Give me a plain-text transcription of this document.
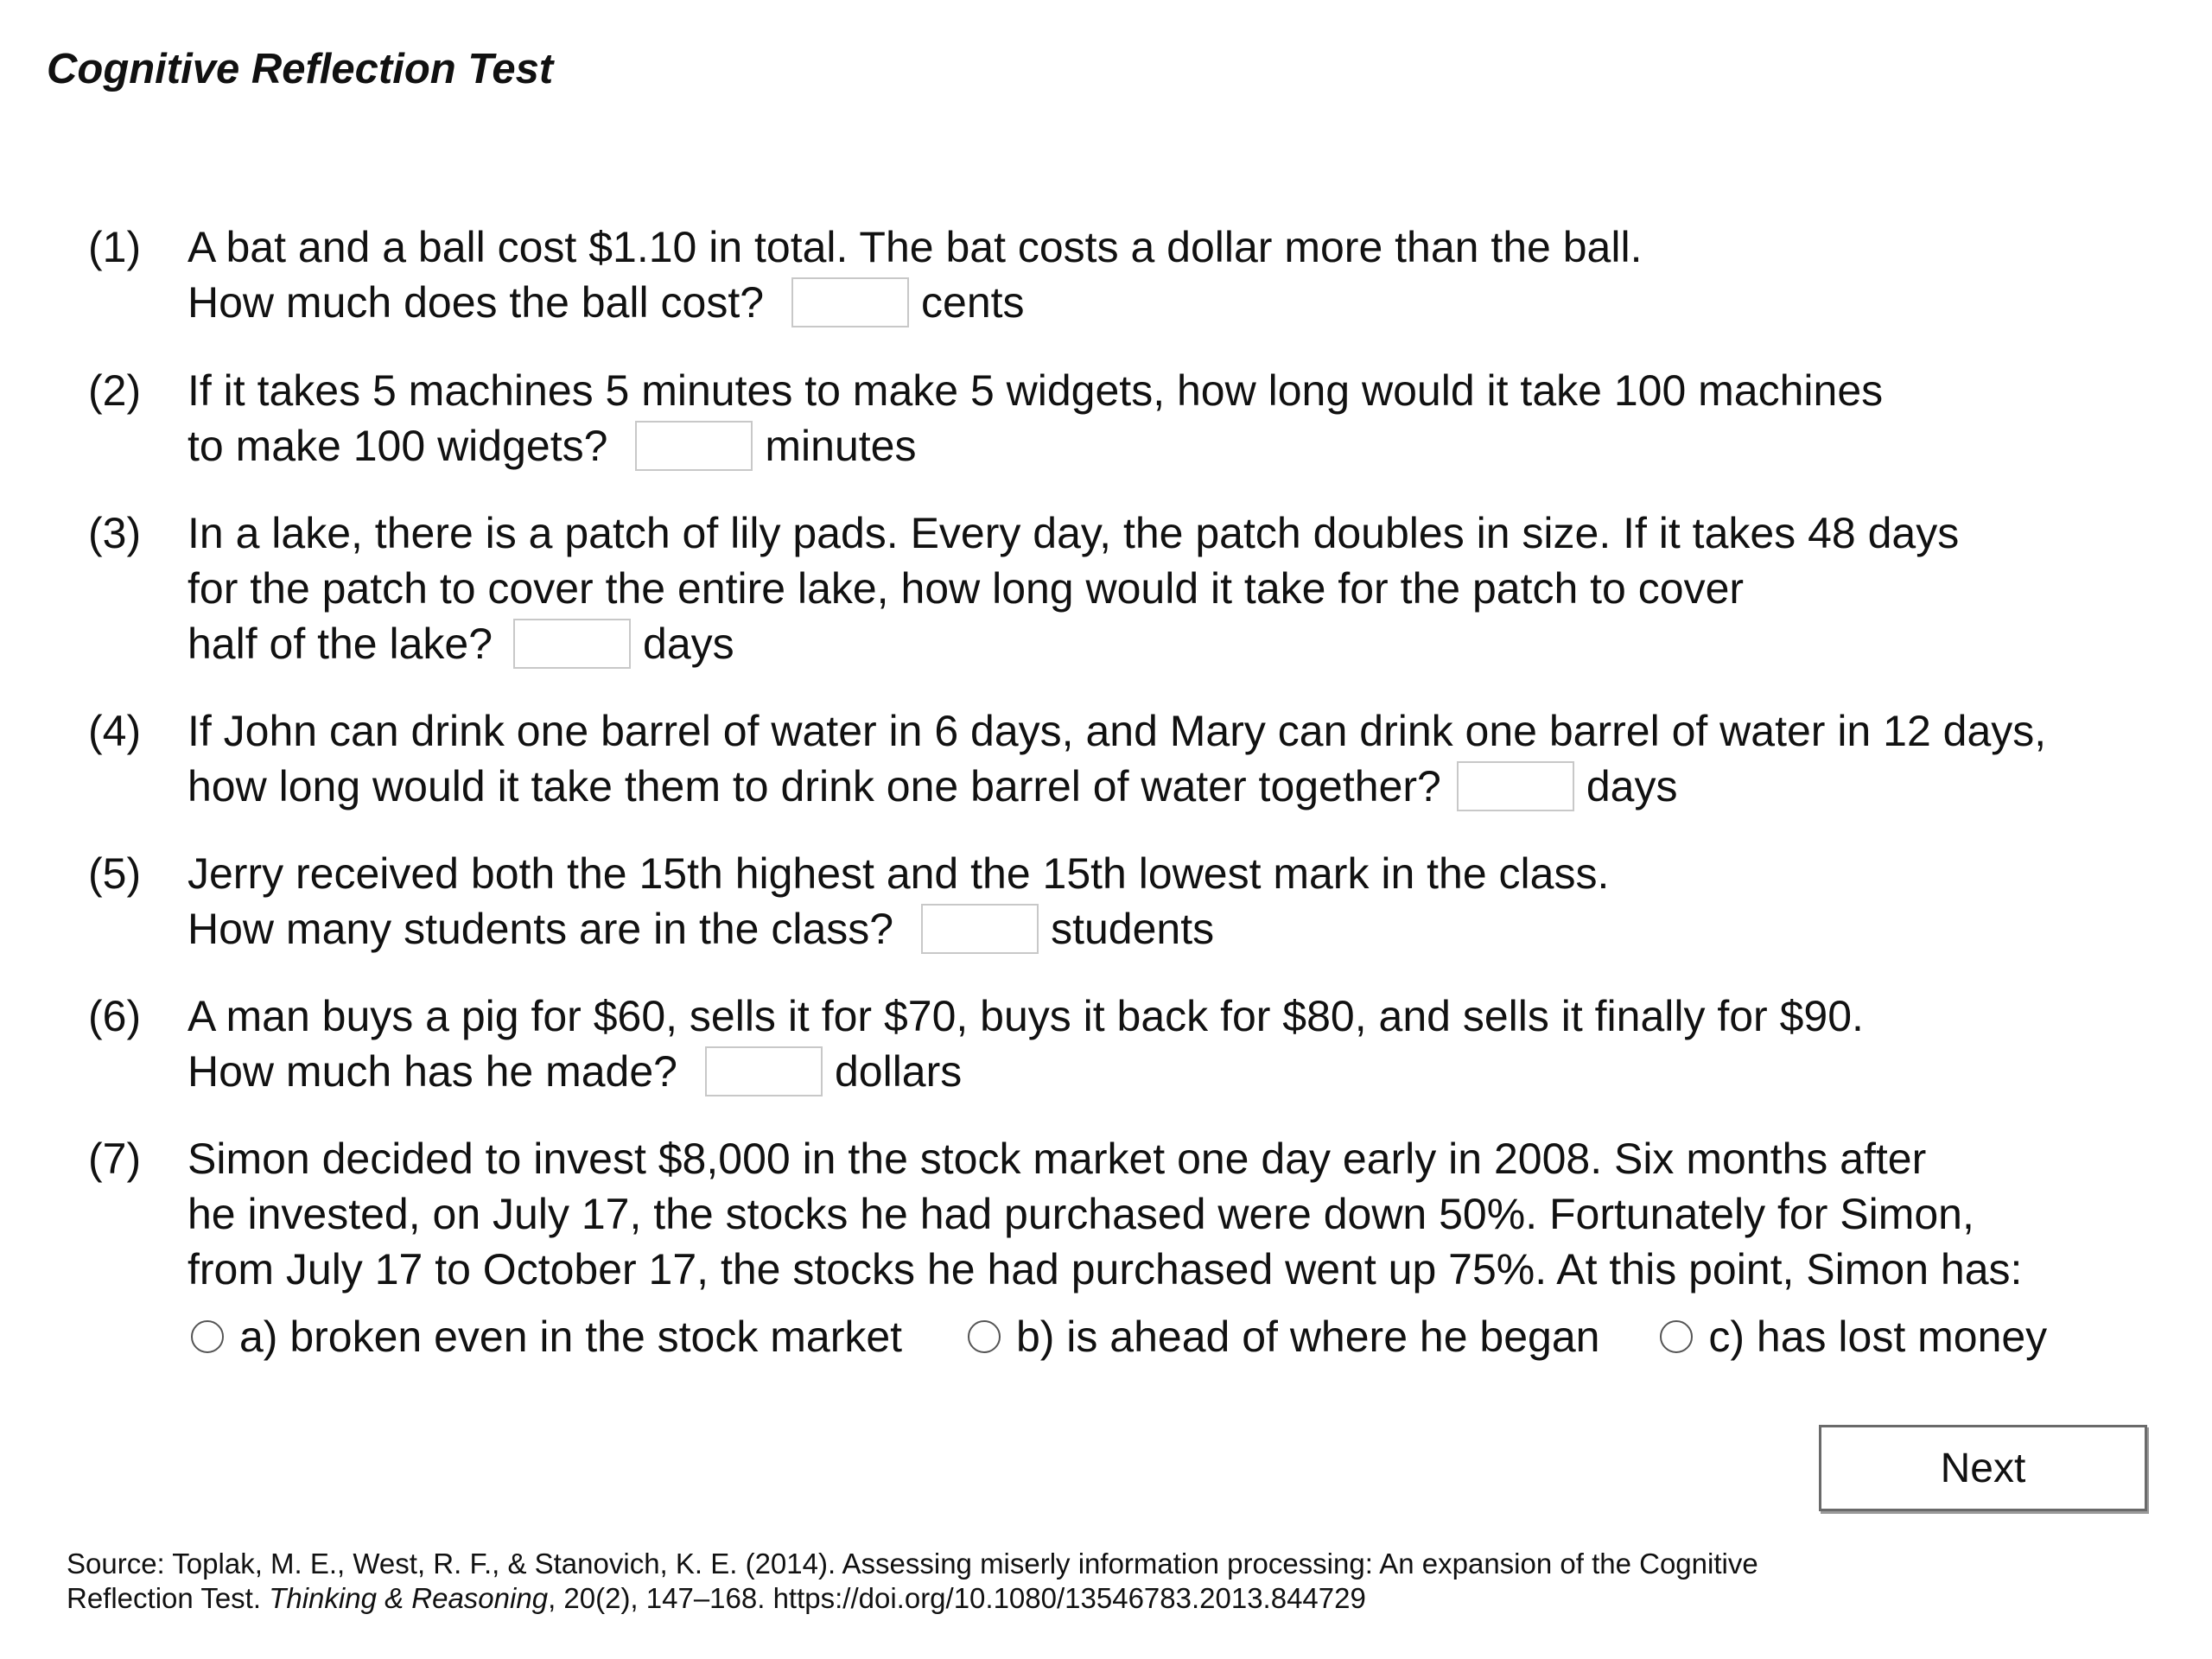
Cognitive Reflection Test
(1) A bat and a ball cost $1.10 in total. The bat costs a dollar more than the ball.
How much does the ball cost?	cents
(2) If it takes 5 machines 5 minutes to make 5 widgets, how long would it take 100 machines
to make 100 widgets?	minutes
(3) In a lake, there is a patch of lily pads. Every day, the patch doubles in size. If it takes 48 days
for the patch to cover the entire lake, how long would it take for the patch to cover
half of the lake?	days
(4) If John can drink one barrel of water in 6 days, and Mary can drink one barrel of water in 12 days,
how long would it take them to drink one barrel of water together?	days
(5) Jerry received both the 15th highest and the 15th lowest mark in the class.
How many students are in the class?	students
(6) A man buys a pig for $60, sells it for $70, buys it back for $80, and sells it finally for $90.
How much has he made?	dollars
(7) Simon decided to invest $8,000 in the stock market one day early in 2008. Six months after
he invested, on July 17, the stocks he had purchased were down 50%. Fortunately for Simon,
from July 17 to October 17, the stocks he had purchased went up 75%. At this point, Simon has:
a) broken even in the stock market
	b) is ahead of where he began
	c) has lost money
Next
Source: Toplak, M. E., West, R. F., & Stanovich, K. E. (2014). Assessing miserly information processing: An expansion of the Cognitive
Reflection Test. Thinking & Reasoning, 20(2), 147–168. https://doi.org/10.1080/13546783.2013.844729
